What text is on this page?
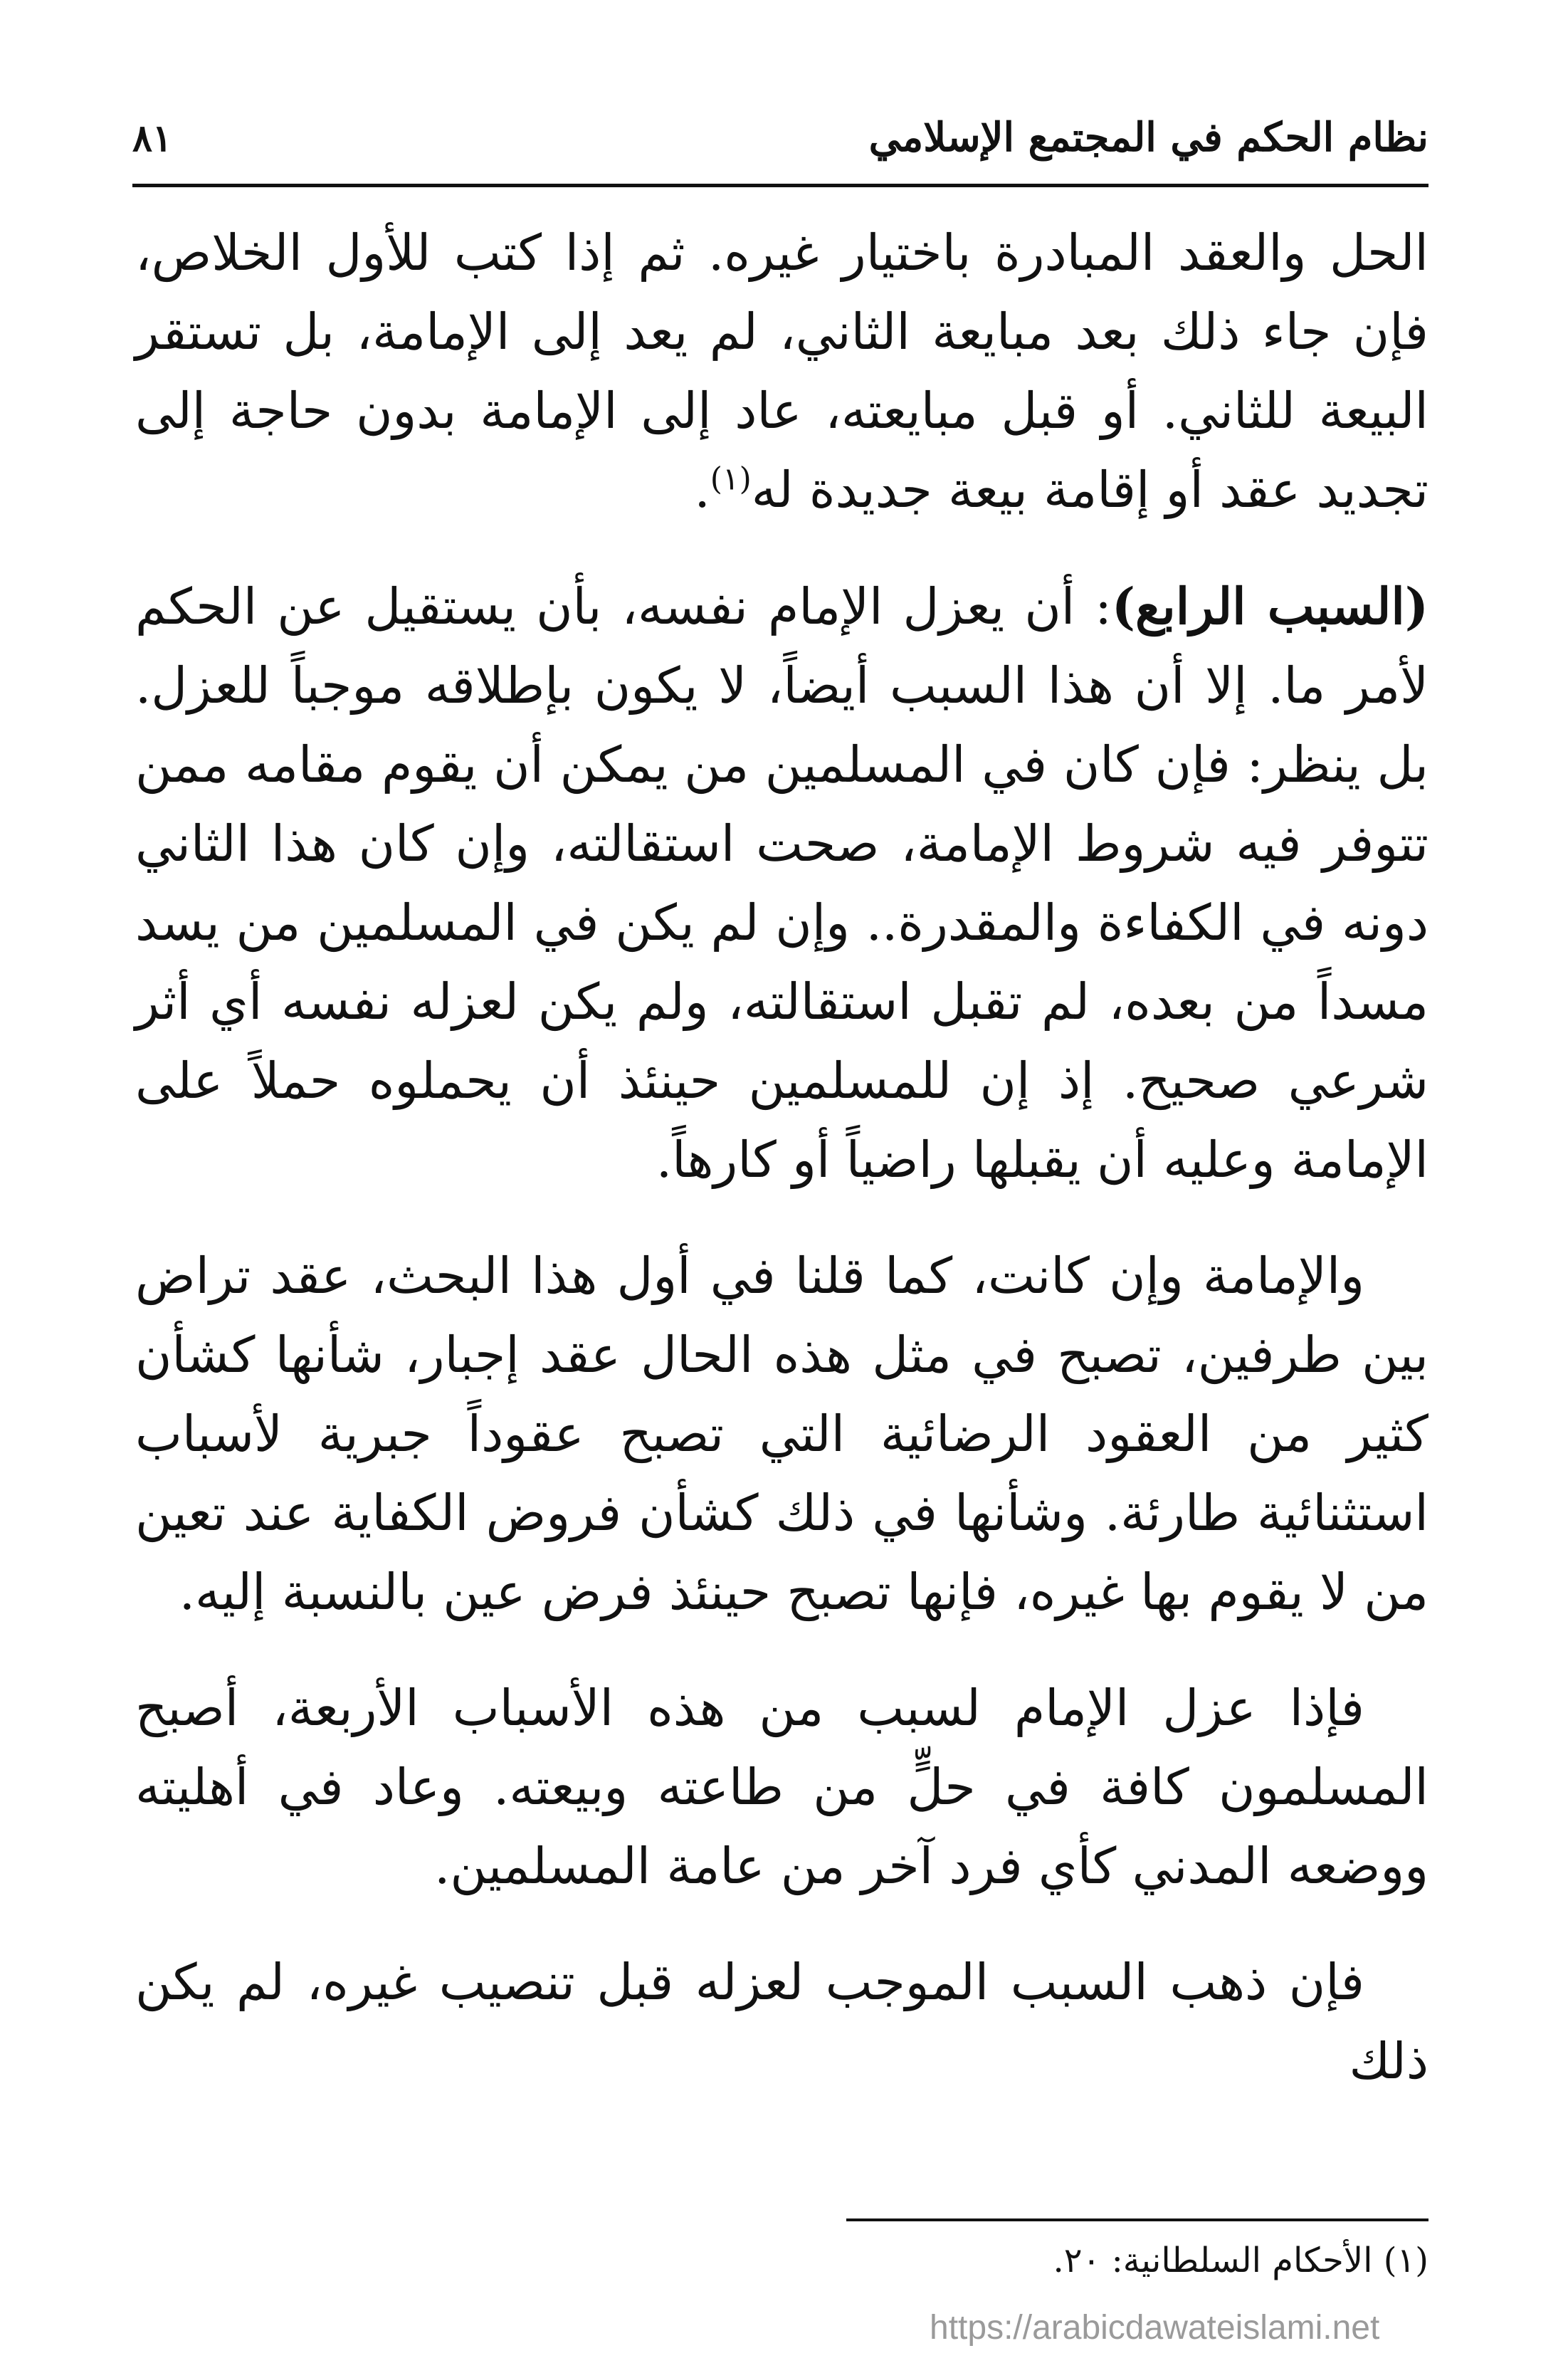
نظام الحكم في المجتمع الإسلامي
٨١

الحل والعقد المبادرة باختيار غيره. ثم إذا كتب للأول الخلاص، فإن جاء ذلك بعد مبايعة الثاني، لم يعد إلى الإمامة، بل تستقر البيعة للثاني. أو قبل مبايعته، عاد إلى الإمامة بدون حاجة إلى تجديد عقد أو إقامة بيعة جديدة له$^{(١)}$.

(السبب الرابع): أن يعزل الإمام نفسه، بأن يستقيل عن الحكم لأمر ما. إلا أن هذا السبب أيضاً، لا يكون بإطلاقه موجباً للعزل. بل ينظر: فإن كان في المسلمين من يمكن أن يقوم مقامه ممن تتوفر فيه شروط الإمامة، صحت استقالته، وإن كان هذا الثاني دونه في الكفاءة والمقدرة.. وإن لم يكن في المسلمين من يسد مسداً من بعده، لم تقبل استقالته، ولم يكن لعزله نفسه أي أثر شرعي صحيح. إذ إن للمسلمين حينئذ أن يحملوه حملاً على الإمامة وعليه أن يقبلها راضياً أو كارهاً.

والإمامة وإن كانت، كما قلنا في أول هذا البحث، عقد تراض بين طرفين، تصبح في مثل هذه الحال عقد إجبار، شأنها كشأن كثير من العقود الرضائية التي تصبح عقوداً جبرية لأسباب استثنائية طارئة. وشأنها في ذلك كشأن فروض الكفاية عند تعين من لا يقوم بها غيره، فإنها تصبح حينئذ فرض عين بالنسبة إليه.

فإذا عزل الإمام لسبب من هذه الأسباب الأربعة، أصبح المسلمون كافة في حلٍّ من طاعته وبيعته. وعاد في أهليته ووضعه المدني كأي فرد آخر من عامة المسلمين.

فإن ذهب السبب الموجب لعزله قبل تنصيب غيره، لم يكن ذلك

(١) الأحكام السلطانية: ٢٠.
https://arabicdawateislami.net
